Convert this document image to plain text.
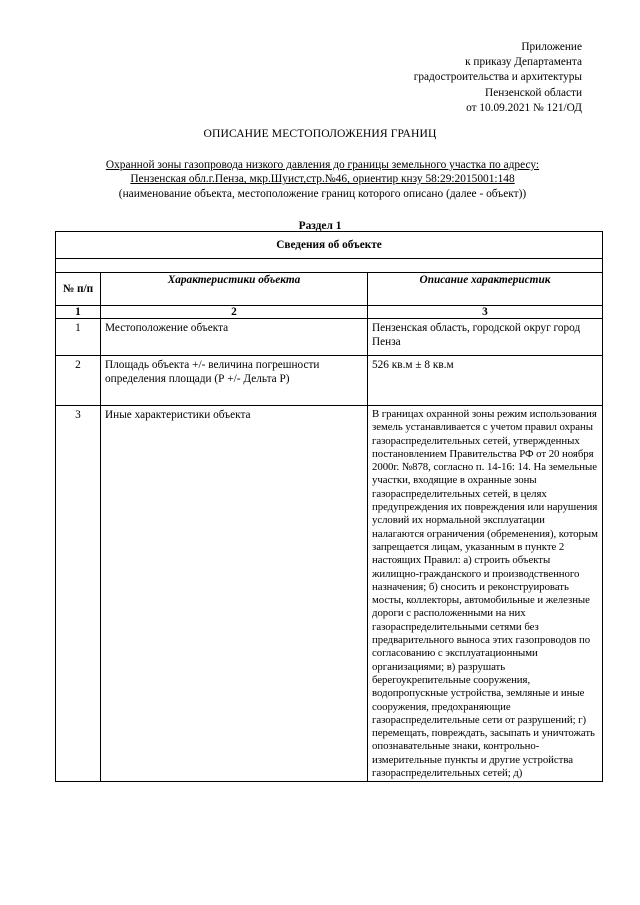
Приложение
к приказу Департамента
градостроительства и архитектуры
Пензенской области
от 10.09.2021 № 121/ОД
ОПИСАНИЕ МЕСТОПОЛОЖЕНИЯ ГРАНИЦ
Охранной зоны газопровода низкого давления до границы земельного участка по адресу:
Пензенская обл.г.Пенза, мкр.Шуист,стр.№46, ориентир кнзу 58:29:2015001:148
(наименование объекта, местоположение границ которого описано (далее - объект))
Раздел 1
Сведения об объекте		

№ п/п	Характеристики объекта	Описание характеристик
1	2	3
1	Местоположение объекта	Пензенская область, городской округ город Пенза
2	Площадь объекта +/- величина погрешности определения площади (Р +/- Дельта Р)	526 кв.м ± 8 кв.м
3	Иные характеристики объекта	В границах охранной зоны режим использования земель устанавливается с учетом правил охраны газораспределительных сетей, утвержденных постановлением Правительства РФ от 20 ноября 2000г. №878, согласно п. 14-16: 14. На земельные участки, входящие в охранные зоны газораспределительных сетей, в целях предупреждения их повреждения или нарушения условий их нормальной эксплуатации налагаются ограничения (обременения), которым запрещается лицам, указанным в пункте 2 настоящих Правил: а) строить объекты жилищно-гражданского и производственного назначения; б) сносить и реконструировать мосты, коллекторы, автомобильные и железные дороги с расположенными на них газораспределительными сетями без предварительного выноса этих газопроводов по согласованию с эксплуатационными организациями; в) разрушать берегоукрепительные сооружения, водопропускные устройства, земляные и иные сооружения, предохраняющие газораспределительные сети от разрушений; г) перемещать, повреждать, засыпать и уничтожать опознавательные знаки, контрольно-измерительные пункты и другие устройства газораспределительных сетей; д)
